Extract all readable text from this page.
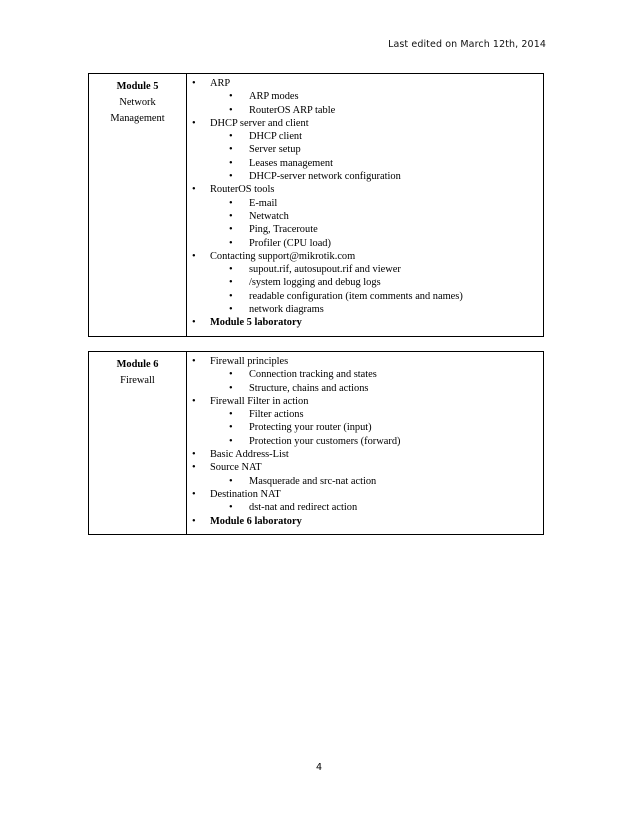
Last edited on March 12th, 2014
Module 5
Network
Management

• ARP
• ARP modes
• RouterOS ARP table
• DHCP server and client
• DHCP client
• Server setup
• Leases management
• DHCP-server network configuration
• RouterOS tools
• E-mail
• Netwatch
• Ping, Traceroute
• Profiler (CPU load)
• Contacting support@mikrotik.com
• supout.rif, autosupout.rif and viewer
• /system logging and debug logs
• readable configuration (item comments and names)
• network diagrams
• Module 5 laboratory
Module 6
Firewall

• Firewall principles
• Connection tracking and states
• Structure, chains and actions
• Firewall Filter in action
• Filter actions
• Protecting your router (input)
• Protection your customers (forward)
• Basic Address-List
• Source NAT
• Masquerade and src-nat action
• Destination NAT
• dst-nat and redirect action
• Module 6 laboratory
4
